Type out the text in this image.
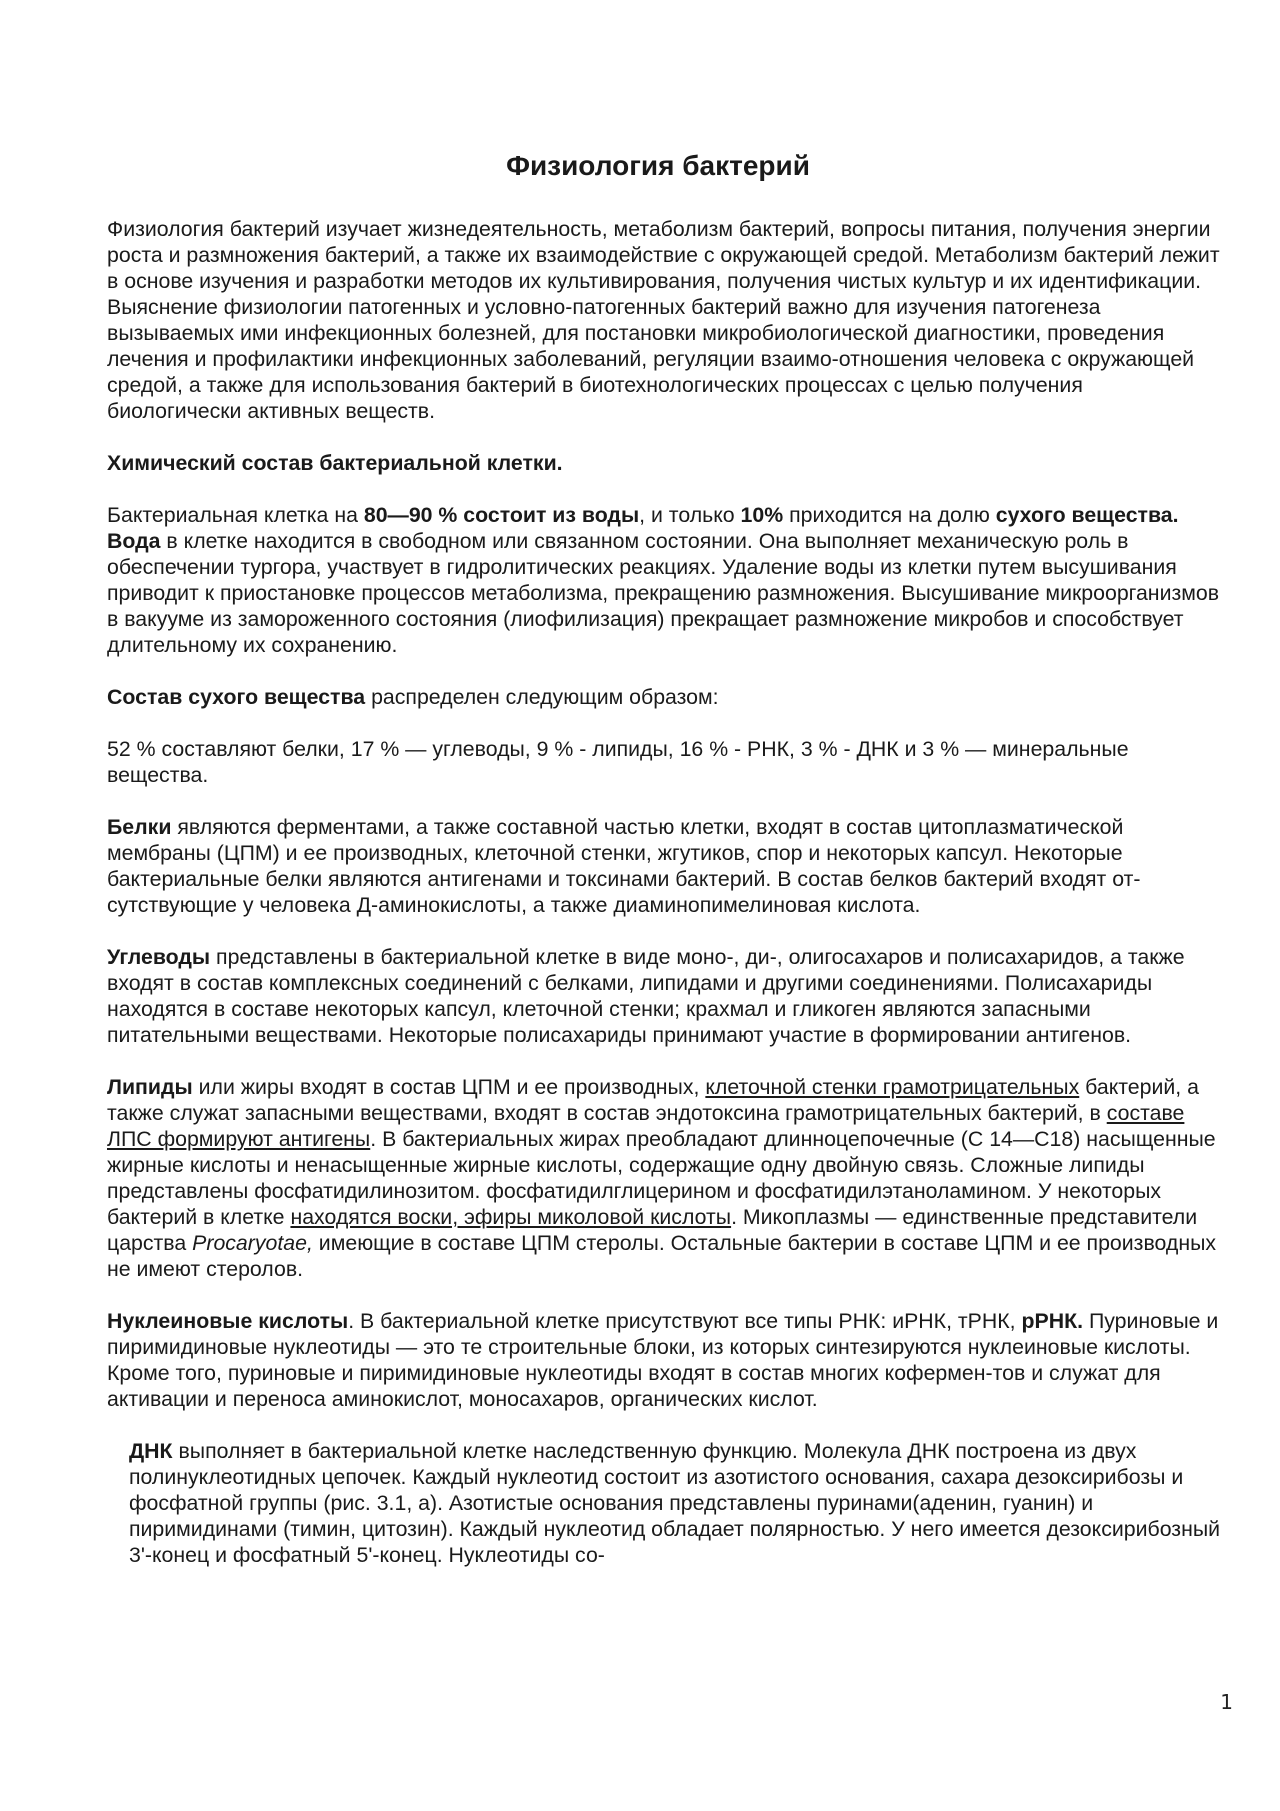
Физиология бактерий

Физиология бактерий изучает жизнедеятельность, метаболизм бактерий, вопросы питания, получения энергии роста и размножения бактерий, а также их взаимодействие с окружающей средой. Метаболизм бактерий лежит в основе изучения и разработки методов их культивирования, получения чистых культур и их идентификации. Выяснение физиологии патогенных и условно-патогенных бактерий важно для изучения патогенеза вызываемых ими инфекционных болезней, для постановки микробиологической диагностики, проведения лечения и профилактики инфекционных заболеваний, регуляции взаимо-отношения человека с окружающей средой, а также для использования бактерий в биотехнологических процессах с целью получения биологически активных веществ.

Химический состав бактериальной клетки.

Бактериальная клетка на 80—90 % состоит из воды, и только 10% приходится на долю сухого вещества. Вода в клетке находится в свободном или связанном состоянии. Она выполняет механическую роль в обеспечении тургора, участвует в гидролитических реакциях. Удаление воды из клетки путем высушивания приводит к приостановке процессов метаболизма, прекращению размножения. Высушивание микроорганизмов в вакууме из замороженного состояния (лиофилизация) прекращает размножение микробов и способствует длительному их сохранению.

Состав сухого вещества распределен следующим образом:

52 % составляют белки, 17 % — углеводы, 9 % - липиды, 16 % - РНК, 3 % - ДНК и 3 % — минеральные вещества.

Белки являются ферментами, а также составной частью клетки, входят в состав цитоплазматической мембраны (ЦПМ) и ее производных, клеточной стенки, жгутиков, спор и некоторых капсул. Некоторые бактериальные белки являются антигенами и токсинами бактерий. В состав белков бактерий входят от-сутствующие у человека Д-аминокислоты, а также диаминопимелиновая кислота.

Углеводы представлены в бактериальной клетке в виде моно-, ди-, олигосахаров и полисахаридов, а также входят в состав комплексных соединений с белками, липидами и другими соединениями. Полисахариды находятся в составе некоторых капсул, клеточной стенки; крахмал и гликоген являются запасными питательными веществами. Некоторые полисахариды принимают участие в формировании антигенов.

Липиды или жиры входят в состав ЦПМ и ее производных, клеточной стенки грамотрицательных бактерий, а также служат запасными веществами, входят в состав эндотоксина грамотрицательных бактерий, в составе ЛПС формируют антигены. В бактериальных жирах преобладают длинноцепочечные (С 14—С18) насыщенные жирные кислоты и ненасыщенные жирные кислоты, содержащие одну двойную связь. Сложные липиды представлены фосфатидилинозитом. фосфатидилглицерином и фосфатидилэтаноламином. У некоторых бактерий в клетке находятся воски, эфиры миколовой кислоты. Микоплазмы — единственные представители царства Procaryotae, имеющие в составе ЦПМ стеролы. Остальные бактерии в составе ЦПМ и ее производных не имеют стеролов.

Нуклеиновые кислоты. В бактериальной клетке присутствуют все типы РНК: иРНК, тРНК, рРНК. Пуриновые и пиримидиновые нуклеотиды — это те строительные блоки, из которых синтезируются нуклеиновые кислоты. Кроме того, пуриновые и пиримидиновые нуклеотиды входят в состав многих кофермен-тов и служат для активации и переноса аминокислот, моносахаров, органических кислот.

ДНК выполняет в бактериальной клетке наследственную функцию. Молекула ДНК построена из двух полинуклеотидных цепочек. Каждый нуклеотид состоит из азотистого основания, сахара дезоксирибозы и фосфатной группы (рис. 3.1, а). Азотистые основания представлены пуринами(аденин, гуанин) и пиримидинами (тимин, цитозин). Каждый нуклеотид обладает полярностью. У него имеется дезоксирибозный 3'-конец и фосфатный 5'-конец. Нуклеотиды со-

1
